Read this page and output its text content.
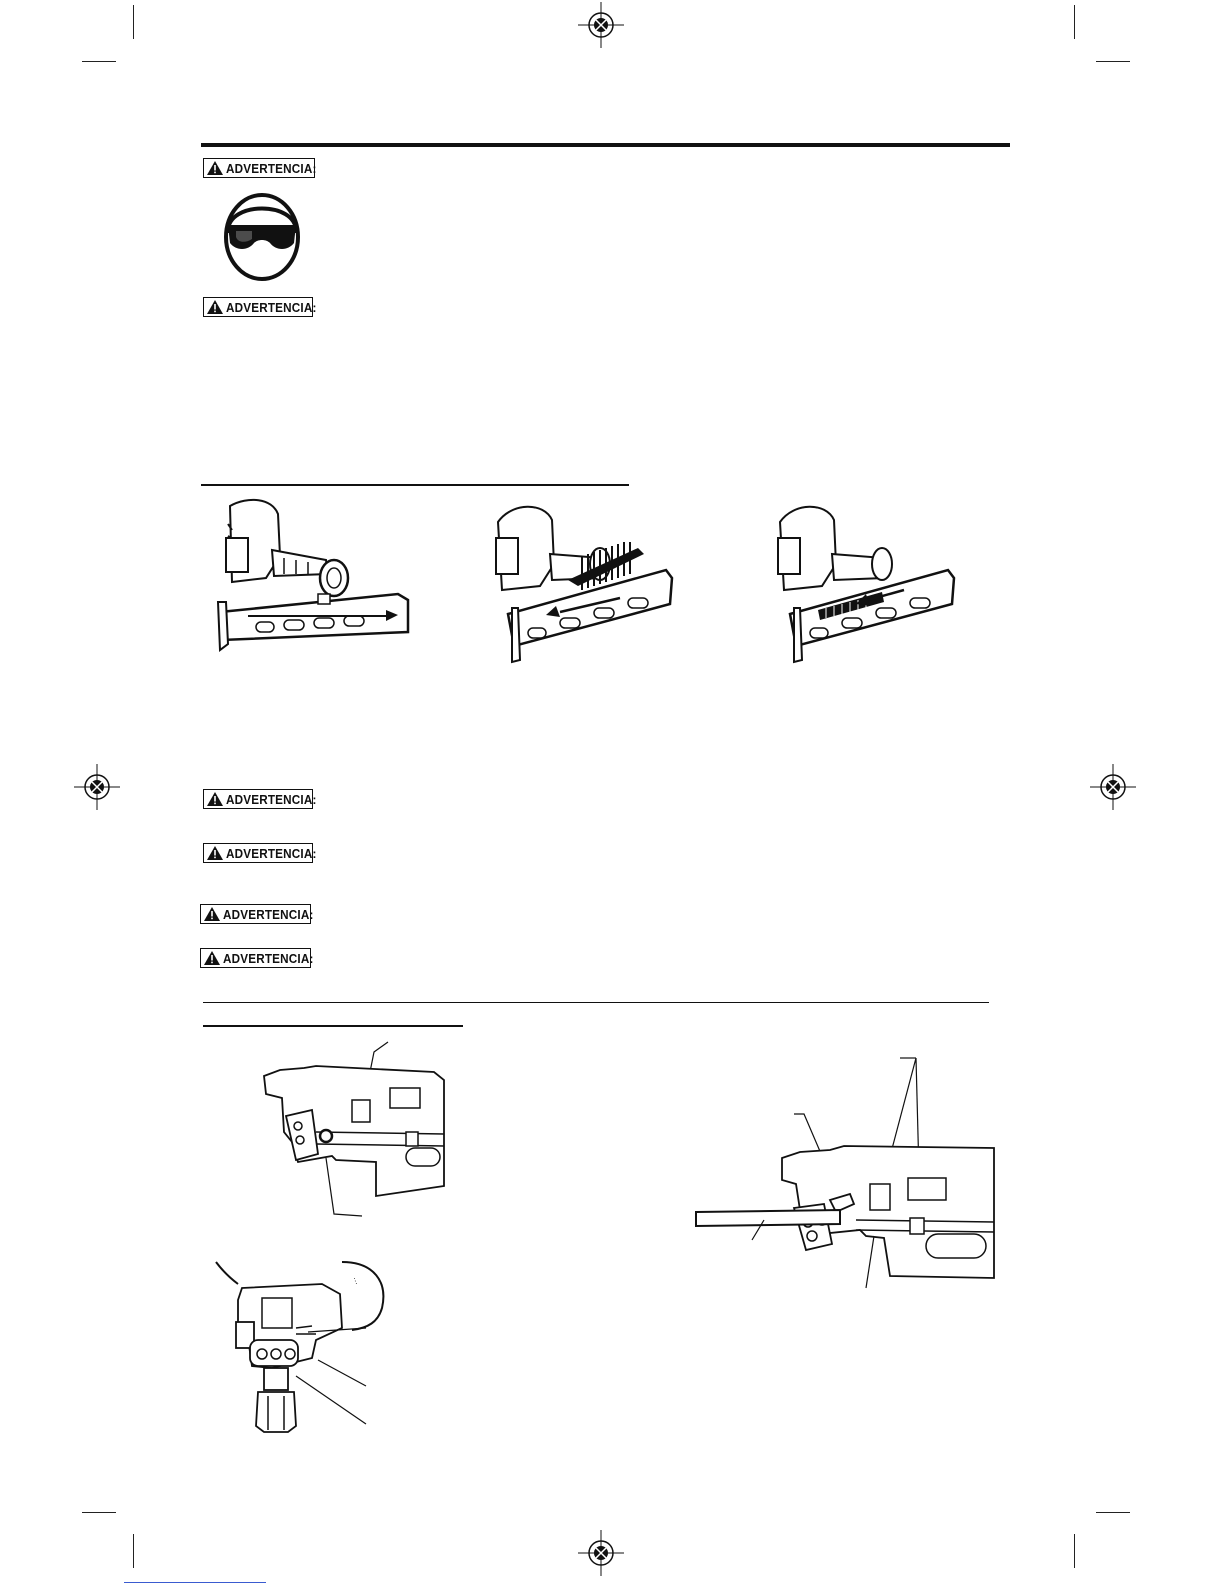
ADVERTENCIA:
ADVERTENCIA:
ADVERTENCIA:
ADVERTENCIA:
ADVERTENCIA:
ADVERTENCIA:
···
